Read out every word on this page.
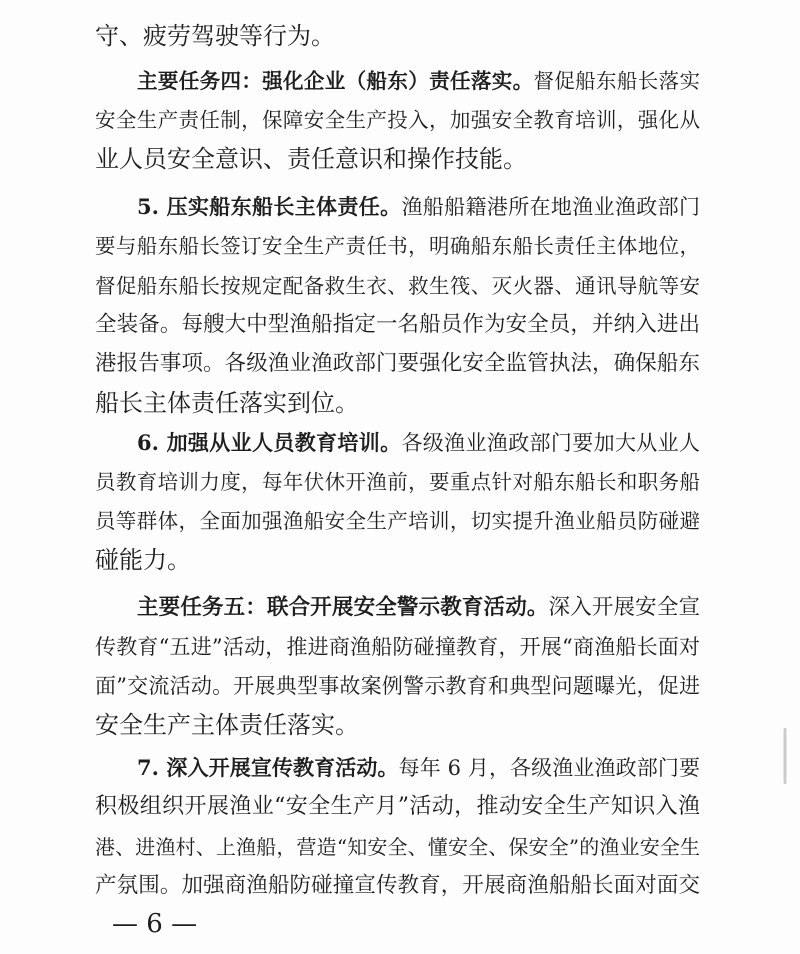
守、疲劳驾驶等行为。
主要任务四：强化企业（船东）责任落实。督促船东船长落实
安全生产责任制，保障安全生产投入，加强安全教育培训，强化从
业人员安全意识、责任意识和操作技能。
5. 压实船东船长主体责任。渔船船籍港所在地渔业渔政部门
要与船东船长签订安全生产责任书，明确船东船长责任主体地位，
督促船东船长按规定配备救生衣、救生筏、灭火器、通讯导航等安
全装备。每艘大中型渔船指定一名船员作为安全员，并纳入进出
港报告事项。各级渔业渔政部门要强化安全监管执法，确保船东
船长主体责任落实到位。
6. 加强从业人员教育培训。各级渔业渔政部门要加大从业人
员教育培训力度，每年伏休开渔前，要重点针对船东船长和职务船
员等群体，全面加强渔船安全生产培训，切实提升渔业船员防碰避
碰能力。
主要任务五：联合开展安全警示教育活动。深入开展安全宣
传教育“五进”活动，推进商渔船防碰撞教育，开展“商渔船长面对
面”交流活动。开展典型事故案例警示教育和典型问题曝光，促进
安全生产主体责任落实。
7. 深入开展宣传教育活动。每年 6 月，各级渔业渔政部门要
积极组织开展渔业“安全生产月”活动，推动安全生产知识入渔
港、进渔村、上渔船，营造“知安全、懂安全、保安全”的渔业安全生
产氛围。加强商渔船防碰撞宣传教育，开展商渔船船长面对面交
— 6 —
